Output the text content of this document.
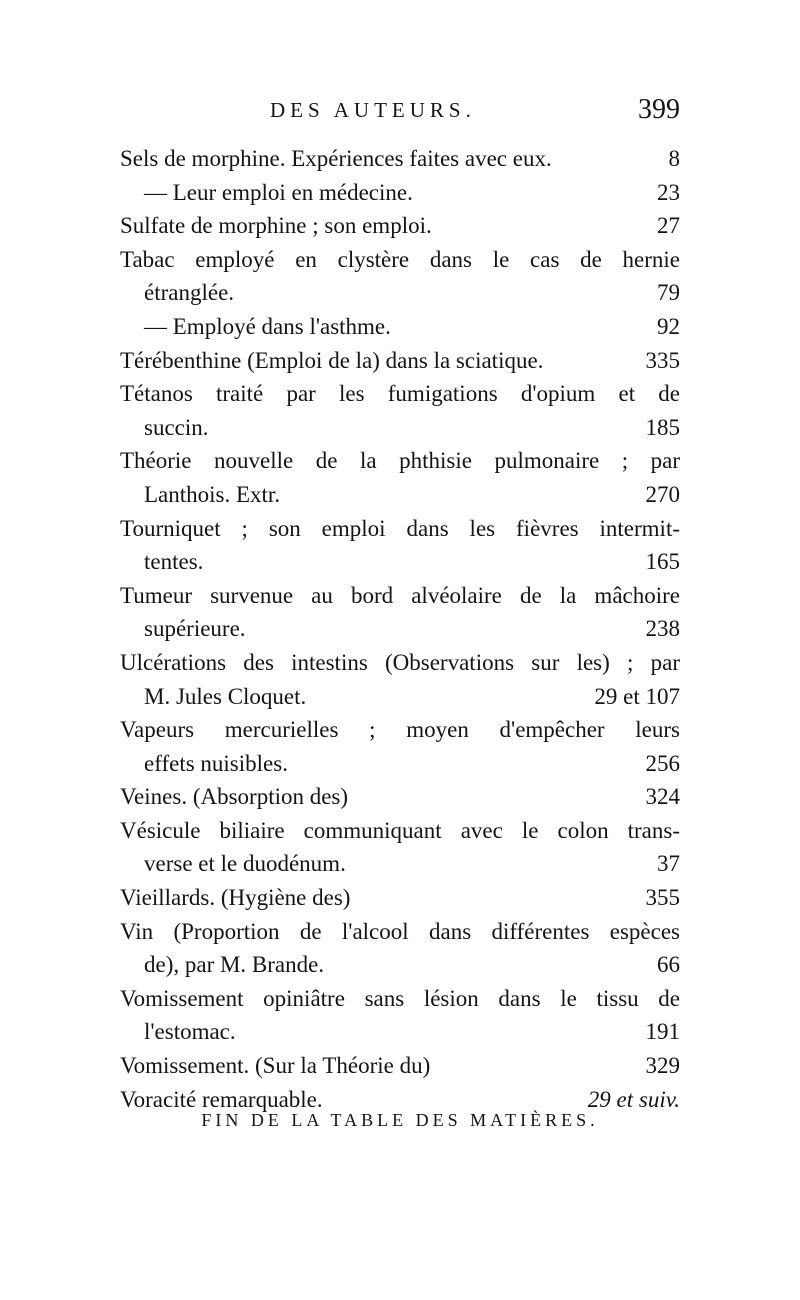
DES AUTEURS.	399
Sels de morphine. Expériences faites avec eux.	8
— Leur emploi en médecine.	23
Sulfate de morphine ; son emploi.	27
Tabac employé en clystère dans le cas de hernie
étranglée.	79
— Employé dans l'asthme.	92
Térébenthine (Emploi de la) dans la sciatique.	335
Tétanos traité par les fumigations d'opium et de
succin.	185
Théorie nouvelle de la phthisie pulmonaire ; par
Lanthois. Extr.	270
Tourniquet ; son emploi dans les fièvres intermit-
tentes.	165
Tumeur survenue au bord alvéolaire de la mâchoire
supérieure.	238
Ulcérations des intestins (Observations sur les) ; par
M. Jules Cloquet.	29 et 107
Vapeurs mercurielles ; moyen d'empêcher leurs
effets nuisibles.	256
Veines. (Absorption des)	324
Vésicule biliaire communiquant avec le colon trans-
verse et le duodénum.	37
Vieillards. (Hygiène des)	355
Vin (Proportion de l'alcool dans différentes espèces
de), par M. Brande.	66
Vomissement opiniâtre sans lésion dans le tissu de
l'estomac.	191
Vomissement. (Sur la Théorie du)	329
Voracité remarquable.	29 et suiv.
FIN DE LA TABLE DES MATIÈRES.
